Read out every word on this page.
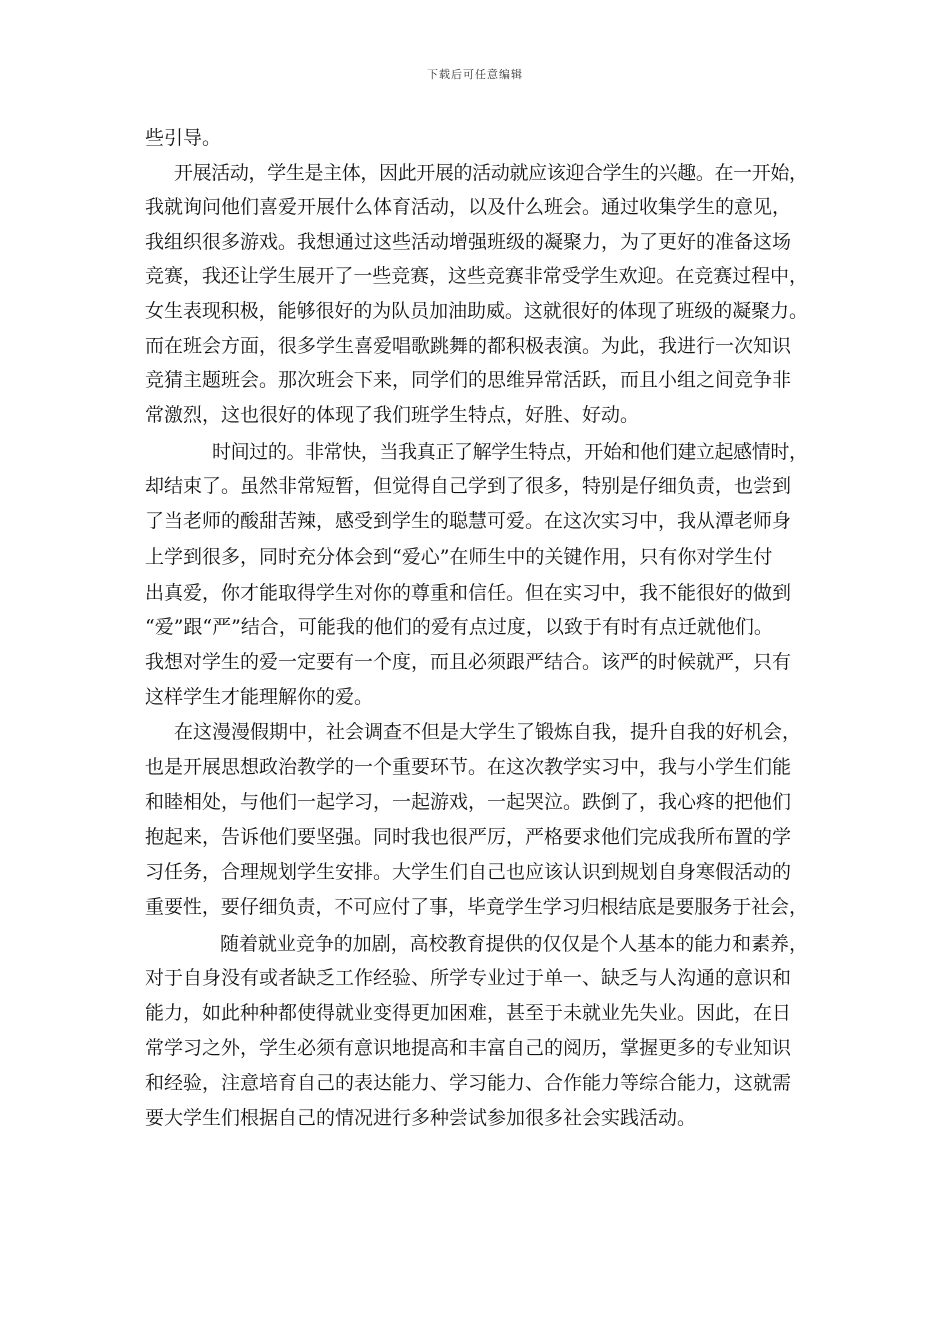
下载后可任意编辑
些引导。
开展活动，学生是主体，因此开展的活动就应该迎合学生的兴趣。在一开始，
我就询问他们喜爱开展什么体育活动，以及什么班会。通过收集学生的意见，
我组织很多游戏。我想通过这些活动增强班级的凝聚力，为了更好的准备这场
竞赛，我还让学生展开了一些竞赛，这些竞赛非常受学生欢迎。在竞赛过程中，
女生表现积极，能够很好的为队员加油助威。这就很好的体现了班级的凝聚力。
而在班会方面，很多学生喜爱唱歌跳舞的都积极表演。为此，我进行一次知识
竞猜主题班会。那次班会下来，同学们的思维异常活跃，而且小组之间竞争非
常激烈，这也很好的体现了我们班学生特点，好胜、好动。
时间过的。非常快，当我真正了解学生特点，开始和他们建立起感情时，
却结束了。虽然非常短暂，但觉得自己学到了很多，特别是仔细负责，也尝到
了当老师的酸甜苦辣，感受到学生的聪慧可爱。在这次实习中，我从潭老师身
上学到很多，同时充分体会到“爱心”在师生中的关键作用，只有你对学生付
出真爱，你才能取得学生对你的尊重和信任。但在实习中，我不能很好的做到
“爱”跟“严”结合，可能我的他们的爱有点过度，以致于有时有点迁就他们。
我想对学生的爱一定要有一个度，而且必须跟严结合。该严的时候就严，只有
这样学生才能理解你的爱。
在这漫漫假期中，社会调查不但是大学生了锻炼自我，提升自我的好机会，
也是开展思想政治教学的一个重要环节。在这次教学实习中，我与小学生们能
和睦相处，与他们一起学习，一起游戏，一起哭泣。跌倒了，我心疼的把他们
抱起来，告诉他们要坚强。同时我也很严厉，严格要求他们完成我所布置的学
习任务，合理规划学生安排。大学生们自己也应该认识到规划自身寒假活动的
重要性，要仔细负责，不可应付了事，毕竟学生学习归根结底是要服务于社会，
随着就业竞争的加剧，高校教育提供的仅仅是个人基本的能力和素养，
对于自身没有或者缺乏工作经验、所学专业过于单一、缺乏与人沟通的意识和
能力，如此种种都使得就业变得更加困难，甚至于未就业先失业。因此，在日
常学习之外，学生必须有意识地提高和丰富自己的阅历，掌握更多的专业知识
和经验，注意培育自己的表达能力、学习能力、合作能力等综合能力，这就需
要大学生们根据自己的情况进行多种尝试参加很多社会实践活动。
